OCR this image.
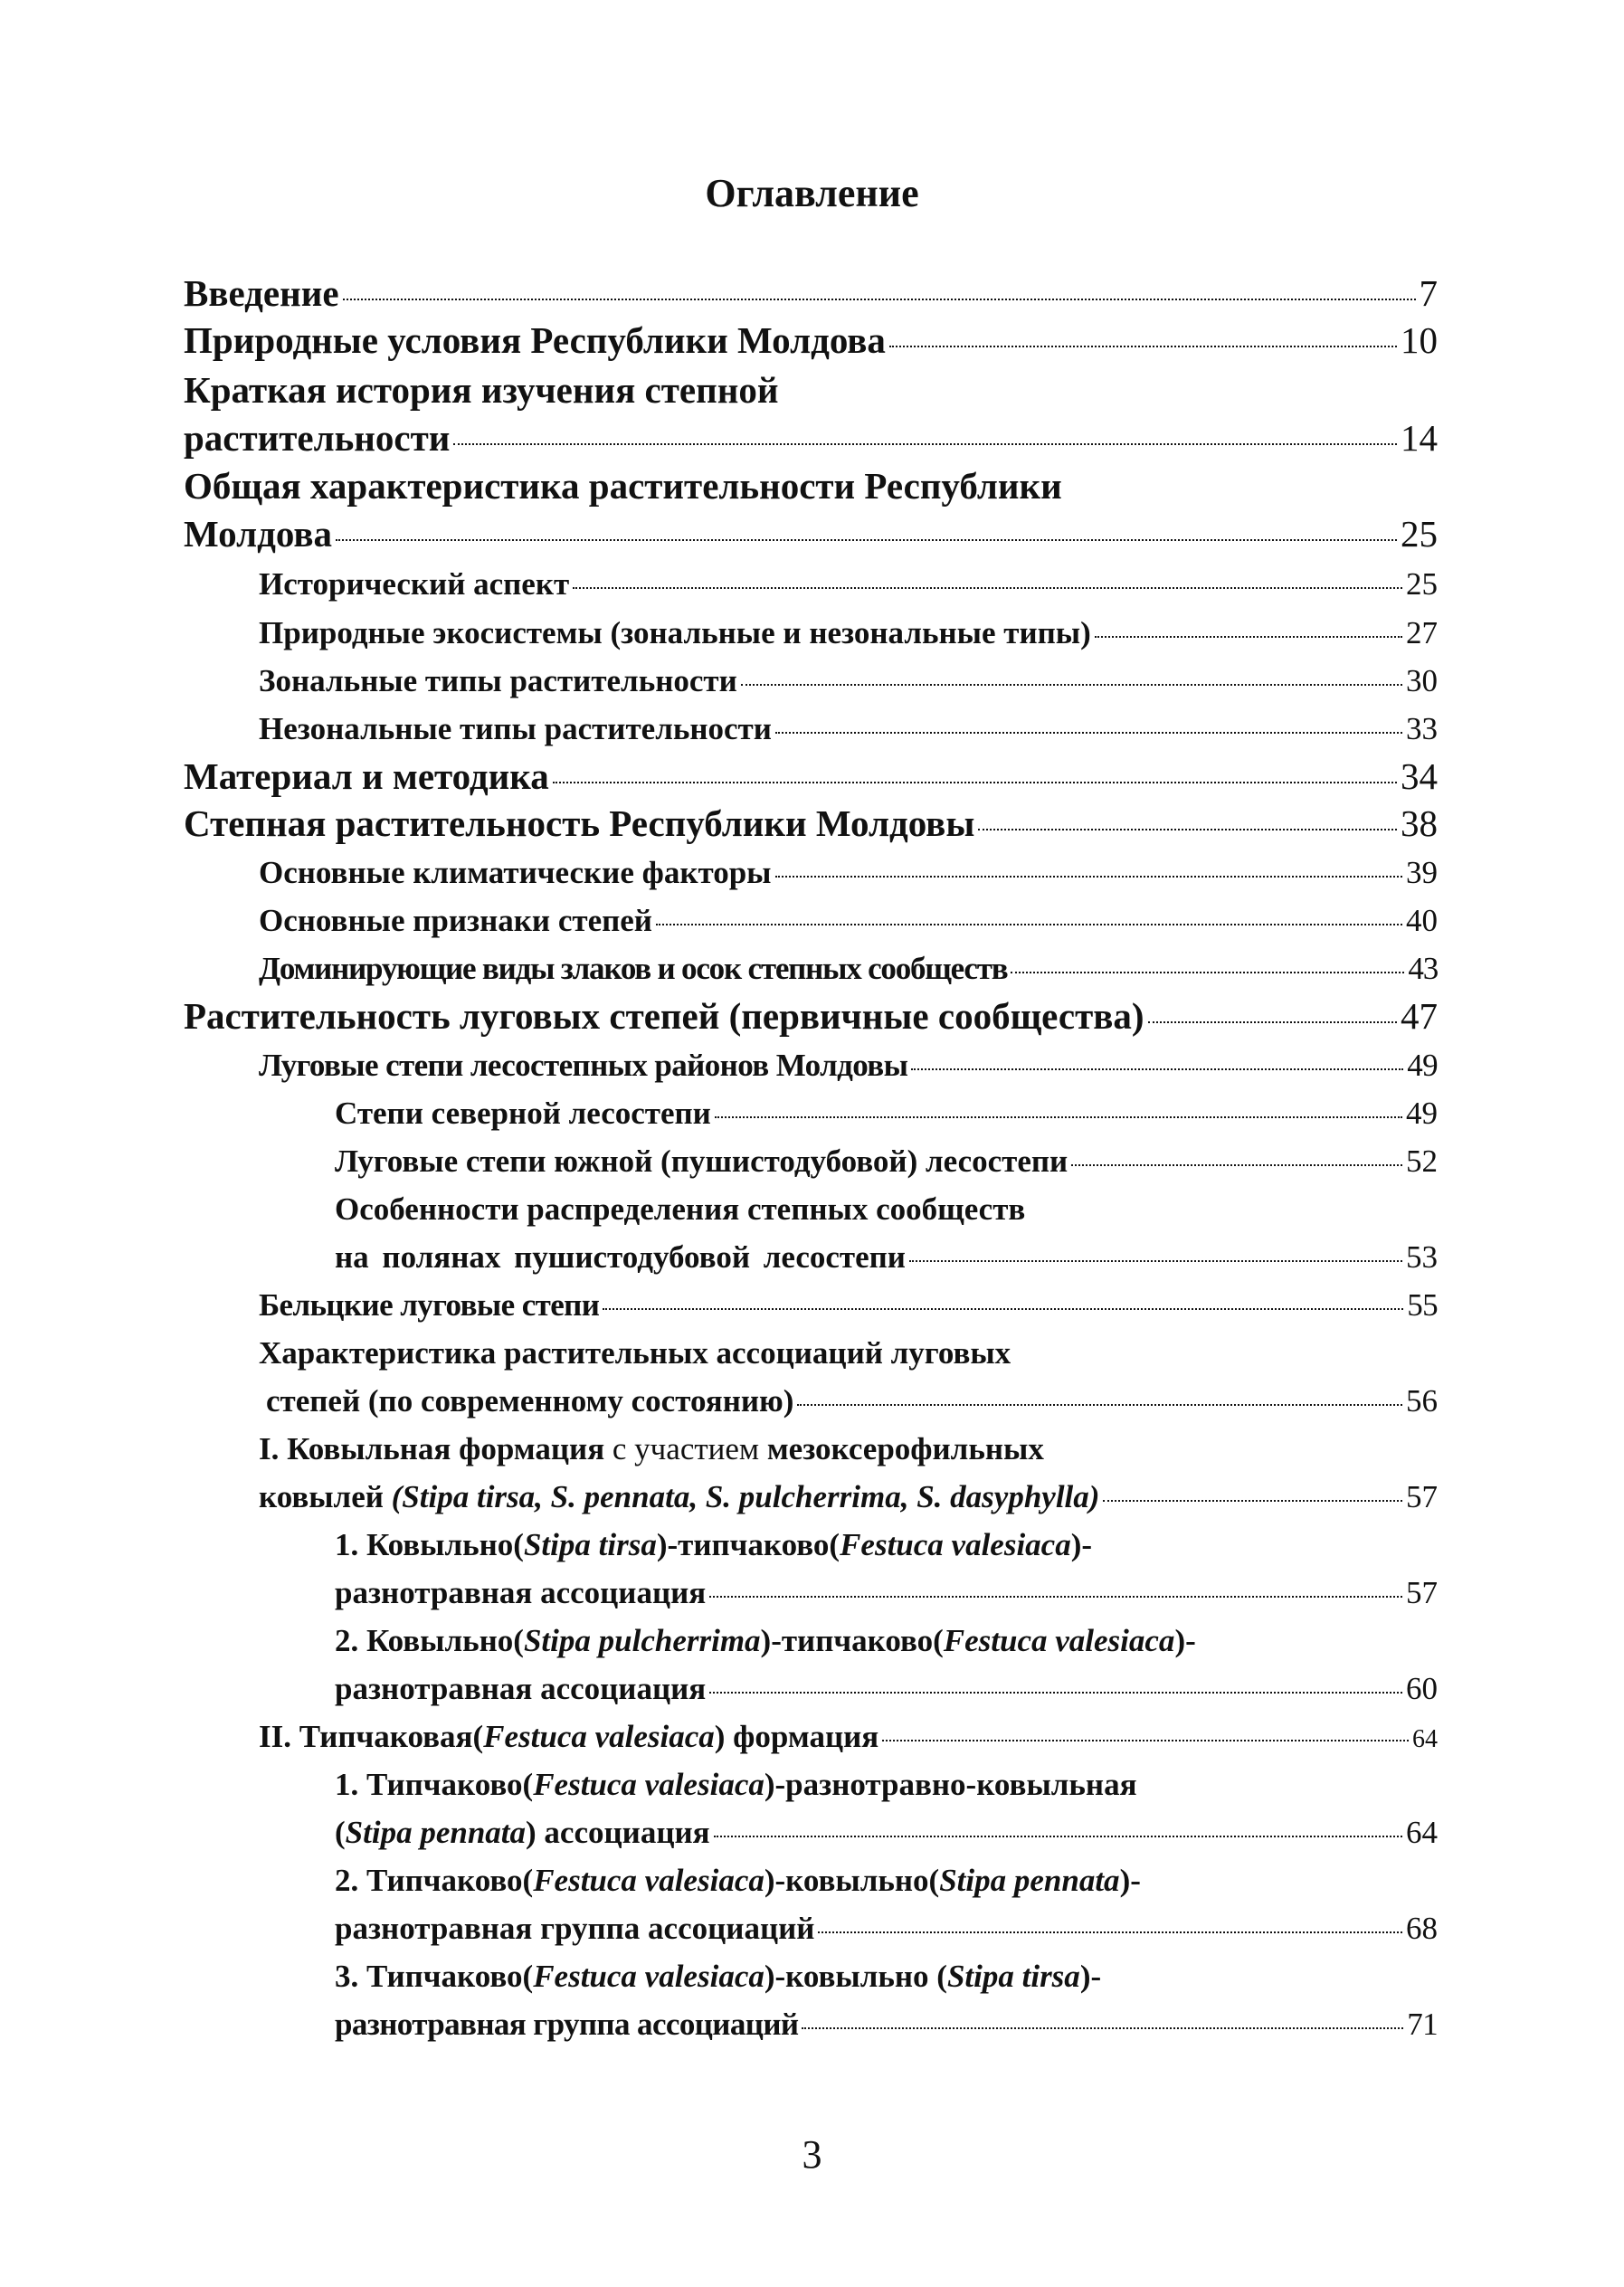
Оглавление
Введение	7
Природные условия Республики Молдова	10
Краткая история изучения степной
растительности	14
Общая характеристика растительности Республики
Молдова	25
Исторический аспект	25
Природные экосистемы (зональные и незональные типы)	27
Зональные типы растительности	30
Незональные типы растительности	33
Материал и методика	34
Степная растительность Республики Молдовы	38
Основные климатические факторы	39
Основные признаки степей	40
Доминирующие виды злаков и осок степных сообществ	43
Растительность луговых степей (первичные сообщества)	47
Луговые степи лесостепных районов Молдовы	49
Степи северной лесостепи	49
Луговые степи южной (пушистодубовой) лесостепи	52
Особенности распределения степных сообществ
на полянах пушистодубовой лесостепи	53
Бельцкие луговые степи	55
Характеристика растительных ассоциаций луговых
степей (по современному состоянию)	56
I. Ковыльная формация с участием мезоксерофильных
ковылей (Stipa tirsa, S. pennata, S. pulcherrima, S. dasyphylla)	57
1. Ковыльно(Stipa tirsa)-типчаково(Festuca valesiaca)-
разнотравная ассоциация	57
2. Ковыльно(Stipa pulcherrima)-типчаково(Festuca valesiaca)-
разнотравная ассоциация	60
II. Типчаковая(Festuca valesiaca) формация	64
1. Типчаково(Festuca valesiaca)-разнотравно-ковыльная
(Stipa pennata) ассоциация	64
2. Типчаково(Festuca valesiaca)-ковыльно(Stipa pennata)-
разнотравная группа ассоциаций	68
3. Типчаково(Festuca valesiaca)-ковыльно (Stipa tirsa)-
разнотравная группа ассоциаций	71
3
